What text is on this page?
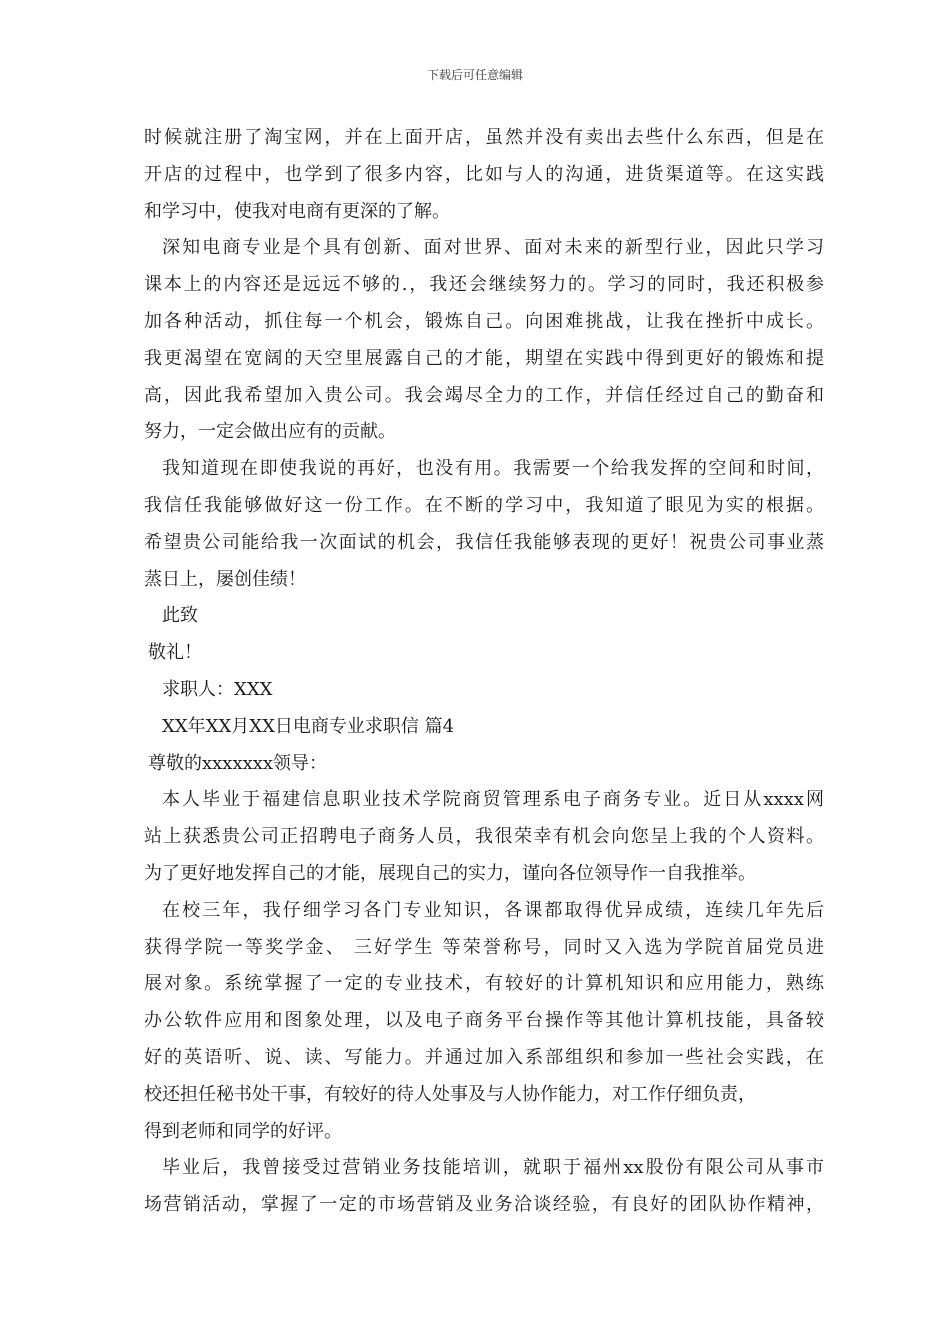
下载后可任意编辑
时候就注册了淘宝网，并在上面开店，虽然并没有卖出去些什么东西，但是在
开店的过程中，也学到了很多内容，比如与人的沟通，进货渠道等。在这实践
和学习中，使我对电商有更深的了解。
深知电商专业是个具有创新、面对世界、面对未来的新型行业，因此只学习
课本上的内容还是远远不够的.，我还会继续努力的。学习的同时，我还积极参
加各种活动，抓住每一个机会，锻炼自己。向困难挑战，让我在挫折中成长。
我更渴望在宽阔的天空里展露自己的才能，期望在实践中得到更好的锻炼和提
高，因此我希望加入贵公司。我会竭尽全力的工作，并信任经过自己的勤奋和
努力，一定会做出应有的贡献。
我知道现在即使我说的再好，也没有用。我需要一个给我发挥的空间和时间，
我信任我能够做好这一份工作。在不断的学习中，我知道了眼见为实的根据。
希望贵公司能给我一次面试的机会，我信任我能够表现的更好！祝贵公司事业蒸
蒸日上，屡创佳绩！
此致
敬礼！
求职人：XXX
XX年XX月XX日电商专业求职信 篇4
尊敬的xxxxxxx领导：
本人毕业于福建信息职业技术学院商贸管理系电子商务专业。近日从xxxx网
站上获悉贵公司正招聘电子商务人员，我很荣幸有机会向您呈上我的个人资料。
为了更好地发挥自己的才能，展现自己的实力，谨向各位领导作一自我推举。
在校三年，我仔细学习各门专业知识，各课都取得优异成绩，连续几年先后
获得学院一等奖学金、 三好学生 等荣誉称号，同时又入选为学院首届党员进
展对象。系统掌握了一定的专业技术，有较好的计算机知识和应用能力，熟练
办公软件应用和图象处理，以及电子商务平台操作等其他计算机技能，具备较
好的英语听、说、读、写能力。并通过加入系部组织和参加一些社会实践，在
校还担任秘书处干事，有较好的待人处事及与人协作能力，对工作仔细负责，
得到老师和同学的好评。
毕业后，我曾接受过营销业务技能培训，就职于福州xx股份有限公司从事市
场营销活动，掌握了一定的市场营销及业务洽谈经验，有良好的团队协作精神，
